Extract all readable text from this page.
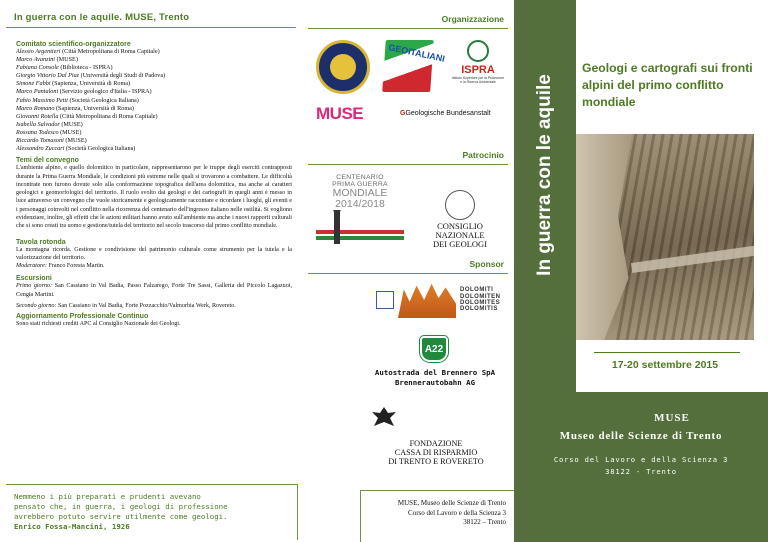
In guerra con le aquile. MUSE, Trento
Comitato scientifico-organizzatore
Alessio Argentieri (Città Metropolitana di Roma Capitale)
Marco Avanzini (MUSE)
Fabiana Console (Biblioteca - ISPRA)
Giorgio Vittorio Dal Piaz (Università degli Studi di Padova)
Simone Fabbi (Sapienza, Università di Roma)
Marco Pantaloni (Servizio geologico d'Italia - ISPRA)
Fabio Massimo Petti (Società Geologica Italiana)
Marco Romano (Sapienza, Università di Roma)
Giovanni Rotella (Città Metropolitana di Roma Capitale)
Isabella Salvador (MUSE)
Rossana Todesco (MUSE)
Riccardo Tomasoni (MUSE)
Alessandro Zuccari (Società Geologica Italiana)
Temi del convegno
L'ambiente alpino, e quello dolomitico in particolare, rappresentarono per le truppe degli eserciti contrapposti durante la Prima Guerra Mondiale, le condizioni più estreme nelle quali si trovarono a combattere. Le difficoltà incontrate non furono dovute solo alla conformazione topografica dell'area dolomitica, ma anche ai caratteri geologici e geomorfologici del territorio. Il ruolo svolto dai geologi e dei cartografi in quegli anni è messo in luce attraverso un convegno che vuole storicamente e geologicamente raccontare e ricordare i luoghi, gli eventi e i personaggi coinvolti nel conflitto nella ricorrenza del centenario dell'ingresso italiano nelle ostilità. Si vogliono evidenziare, inoltre, gli effetti che le azioni militari hanno avuto sull'ambiente ma anche i nuovi rapporti culturali che si sono creati tra uomo e gestione/tutela del territorio nel secolo trascorso dal primo conflitto mondiale.
Tavola rotonda
La montagna ricorda. Gestione e condivisione del patrimonio culturale come strumento per la tutela e la valorizzazione del territorio.
Moderatore: Franco Foresta Martin.
Escursioni
Primo giorno: San Cassiano in Val Badia, Passo Falzarego, Forte Tre Sassi, Galleria del Piccolo Lagazuoi, Cengia Martini.
Secondo giorno: San Cassiano in Val Badia, Forte Pozzacchio/Valmorbia Werk, Rovereto.
Aggiornamento Professionale Continuo
Sono stati richiesti crediti APC al Consiglio Nazionale dei Geologi.
Nemmeno i più preparati e prudenti avevano
pensato che, in guerra, i geologi di professione
avrebbero potuto servire utilmente come geologi.
Enrico Fossa-Mancini, 1926
Organizzazione
GEOITALIANI
ISPRA
Istituto Superiore per la Protezione
e la Ricerca Ambientale
MUSE	GGeologische Bundesanstalt
Patrocinio
CENTENARIO
PRIMA GUERRA
MONDIALE
2014/2018
CONSIGLIO NAZIONALE
DEI GEOLOGI
Sponsor
DOLOMITI
DOLOMITEN
DOLOMITES
DOLOMITIS
A22
Autostrada del Brennero SpA
Brennerautobahn AG
FONDAZIONE
CASSA DI RISPARMIO
DI TRENTO E ROVERETO
MUSE, Museo delle Scienze di Trento
Corso del Lavoro e della Scienza 3
38122 – Trento
In guerra con le aquile
Geologi e cartografi sui fronti alpini del primo conflitto mondiale
17-20 settembre 2015
MUSE
Museo delle Scienze di Trento
Corso del Lavoro e della Scienza 3
38122 - Trento
